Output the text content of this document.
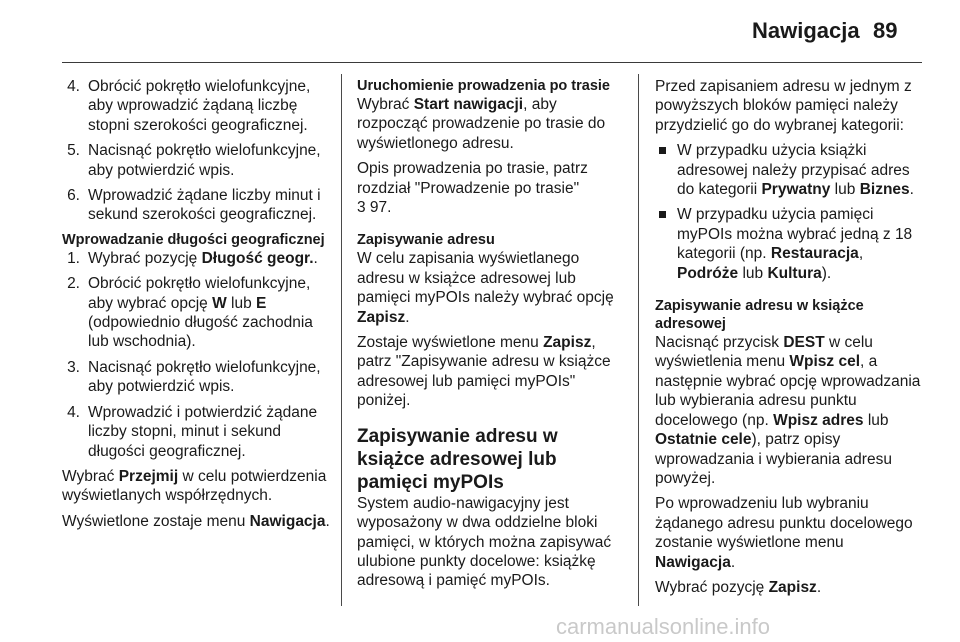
Nawigacja 89
4. Obrócić pokrętło wielofunkcyjne, aby wprowadzić żądaną liczbę stopni szerokości geograficznej.
5. Nacisnąć pokrętło wielofunkcyjne, aby potwierdzić wpis.
6. Wprowadzić żądane liczby minut i sekund szerokości geograficznej.

Wprowadzanie długości geograficznej

1. Wybrać pozycję Długość geogr..
2. Obrócić pokrętło wielofunkcyjne, aby wybrać opcję W lub E (odpowiednio długość zachodnia lub wschodnia).
3. Nacisnąć pokrętło wielofunkcyjne, aby potwierdzić wpis.
4. Wprowadzić i potwierdzić żądane liczby stopni, minut i sekund długości geograficznej.

Wybrać Przejmij w celu potwierdzenia wyświetlanych współrzędnych.

Wyświetlone zostaje menu Nawigacja.

Uruchomienie prowadzenia po trasie

Wybrać Start nawigacji, aby rozpocząć prowadzenie po trasie do wyświetlonego adresu.

Opis prowadzenia po trasie, patrz rozdział "Prowadzenie po trasie"
3 97.

Zapisywanie adresu

W celu zapisania wyświetlanego adresu w książce adresowej lub pamięci myPOIs należy wybrać opcję Zapisz.

Zostaje wyświetlone menu Zapisz, patrz "Zapisywanie adresu w książce adresowej lub pamięci myPOIs" poniżej.

Zapisywanie adresu w książce adresowej lub pamięci myPOIs

System audio-nawigacyjny jest wyposażony w dwa oddzielne bloki pamięci, w których można zapisywać ulubione punkty docelowe: książkę adresową i pamięć myPOIs.

Przed zapisaniem adresu w jednym z powyższych bloków pamięci należy przydzielić go do wybranej kategorii:

W przypadku użycia książki adresowej należy przypisać adres do kategorii Prywatny lub Biznes.
W przypadku użycia pamięci myPOIs można wybrać jedną z 18 kategorii (np. Restauracja, Podróże lub Kultura).

Zapisywanie adresu w książce adresowej

Nacisnąć przycisk DEST w celu wyświetlenia menu Wpisz cel, a następnie wybrać opcję wprowadzania lub wybierania adresu punktu docelowego (np. Wpisz adres lub Ostatnie cele), patrz opisy wprowadzania i wybierania adresu powyżej.

Po wprowadzeniu lub wybraniu żądanego adresu punktu docelowego zostanie wyświetlone menu Nawigacja.

Wybrać pozycję Zapisz.

carmanualsonline.info
